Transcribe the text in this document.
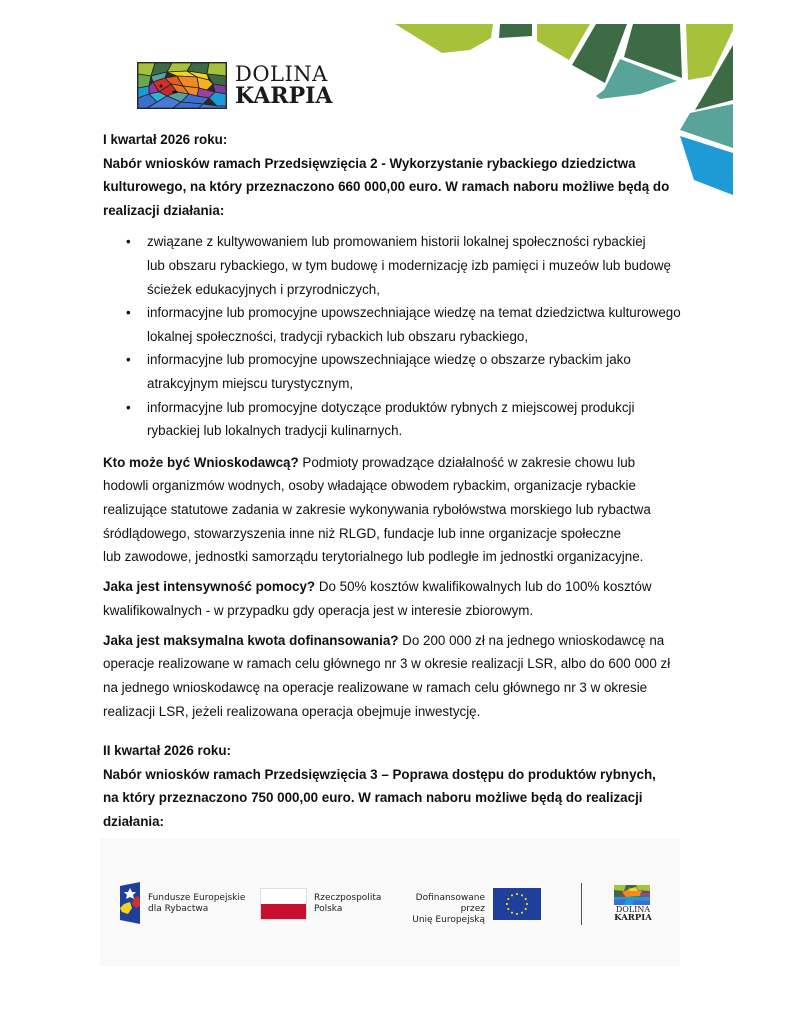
DOLINA
KARPIA

I kwartał 2026 roku:

Nabór wniosków ramach Przedsięwzięcia 2 - Wykorzystanie rybackiego dziedzictwa

kulturowego, na który przeznaczono 660 000,00 euro. W ramach naboru możliwe będą do

realizacji działania:

• związane z kultywowaniem lub promowaniem historii lokalnej społeczności rybackiej
lub obszaru rybackiego, w tym budowę i modernizację izb pamięci i muzeów lub budowę
ścieżek edukacyjnych i przyrodniczych,
• informacyjne lub promocyjne upowszechniające wiedzę na temat dziedzictwa kulturowego
lokalnej społeczności, tradycji rybackich lub obszaru rybackiego,
• informacyjne lub promocyjne upowszechniające wiedzę o obszarze rybackim jako
atrakcyjnym miejscu turystycznym,
• informacyjne lub promocyjne dotyczące produktów rybnych z miejscowej produkcji
rybackiej lub lokalnych tradycji kulinarnych.
Kto może być Wnioskodawcą? Podmioty prowadzące działalność w zakresie chowu lub
hodowli organizmów wodnych, osoby władające obwodem rybackim, organizacje rybackie
realizujące statutowe zadania w zakresie wykonywania rybołówstwa morskiego lub rybactwa
śródlądowego, stowarzyszenia inne niż RLGD, fundacje lub inne organizacje społeczne
lub zawodowe, jednostki samorządu terytorialnego lub podległe im jednostki organizacyjne.
Jaka jest intensywność pomocy? Do 50% kosztów kwalifikowalnych lub do 100% kosztów
kwalifikowalnych - w przypadku gdy operacja jest w interesie zbiorowym.
Jaka jest maksymalna kwota dofinansowania? Do 200 000 zł na jednego wnioskodawcę na
operacje realizowane w ramach celu głównego nr 3 w okresie realizacji LSR, albo do 600 000 zł
na jednego wnioskodawcę na operacje realizowane w ramach celu głównego nr 3 w okresie
realizacji LSR, jeżeli realizowana operacja obejmuje inwestycję.

II kwartał 2026 roku:

Nabór wniosków ramach Przedsięwzięcia 3 – Poprawa dostępu do produktów rybnych,

na który przeznaczono 750 000,00 euro. W ramach naboru możliwe będą do realizacji

działania:

Fundusze Europejskie
dla Rybactwa
Rzeczpospolita
Polska
Dofinansowane przez
Unię Europejską
DOLINA
KARPIA
